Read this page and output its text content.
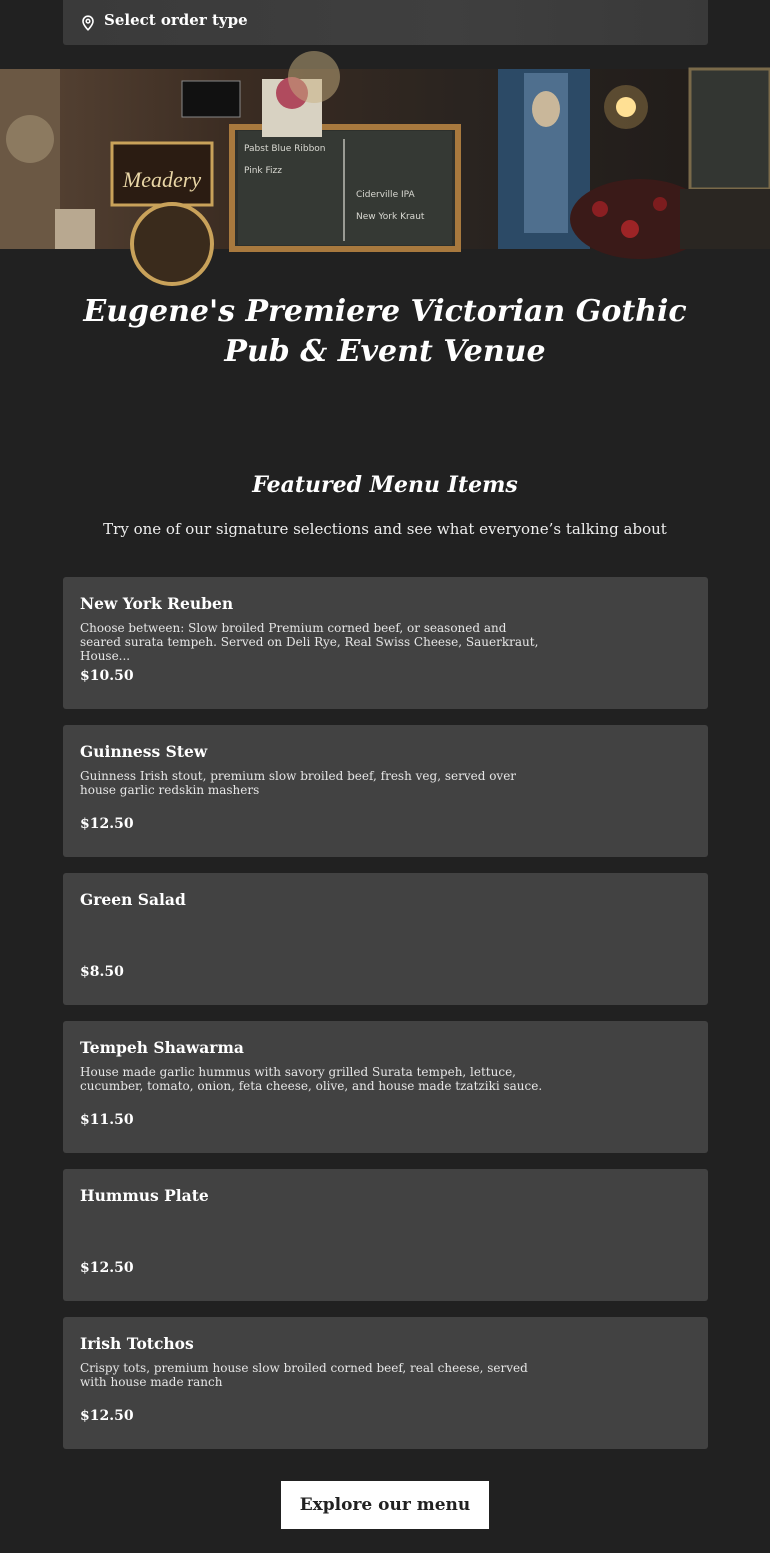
Select order type
Meadery
Pabst Blue Ribbon
Pink Fizz
Ciderville IPA
New York Kraut
Eugene's Premiere Victorian Gothic Pub & Event Venue
Featured Menu Items
Try one of our signature selections and see what everyone’s talking about
New York Reuben
Choose between: Slow broiled Premium corned beef, or seasoned and seared surata tempeh. Served on Deli Rye, Real Swiss Cheese, Sauerkraut, House...
$10.50
Guinness Stew
Guinness Irish stout, premium slow broiled beef, fresh veg, served over house garlic redskin mashers
$12.50
Green Salad
$8.50
Tempeh Shawarma
House made garlic hummus with savory grilled Surata tempeh, lettuce, cucumber, tomato, onion, feta cheese, olive, and house made tzatziki sauce.
$11.50
Hummus Plate
$12.50
Irish Totchos
Crispy tots, premium house slow broiled corned beef, real cheese, served with house made ranch
$12.50
Explore our menu
